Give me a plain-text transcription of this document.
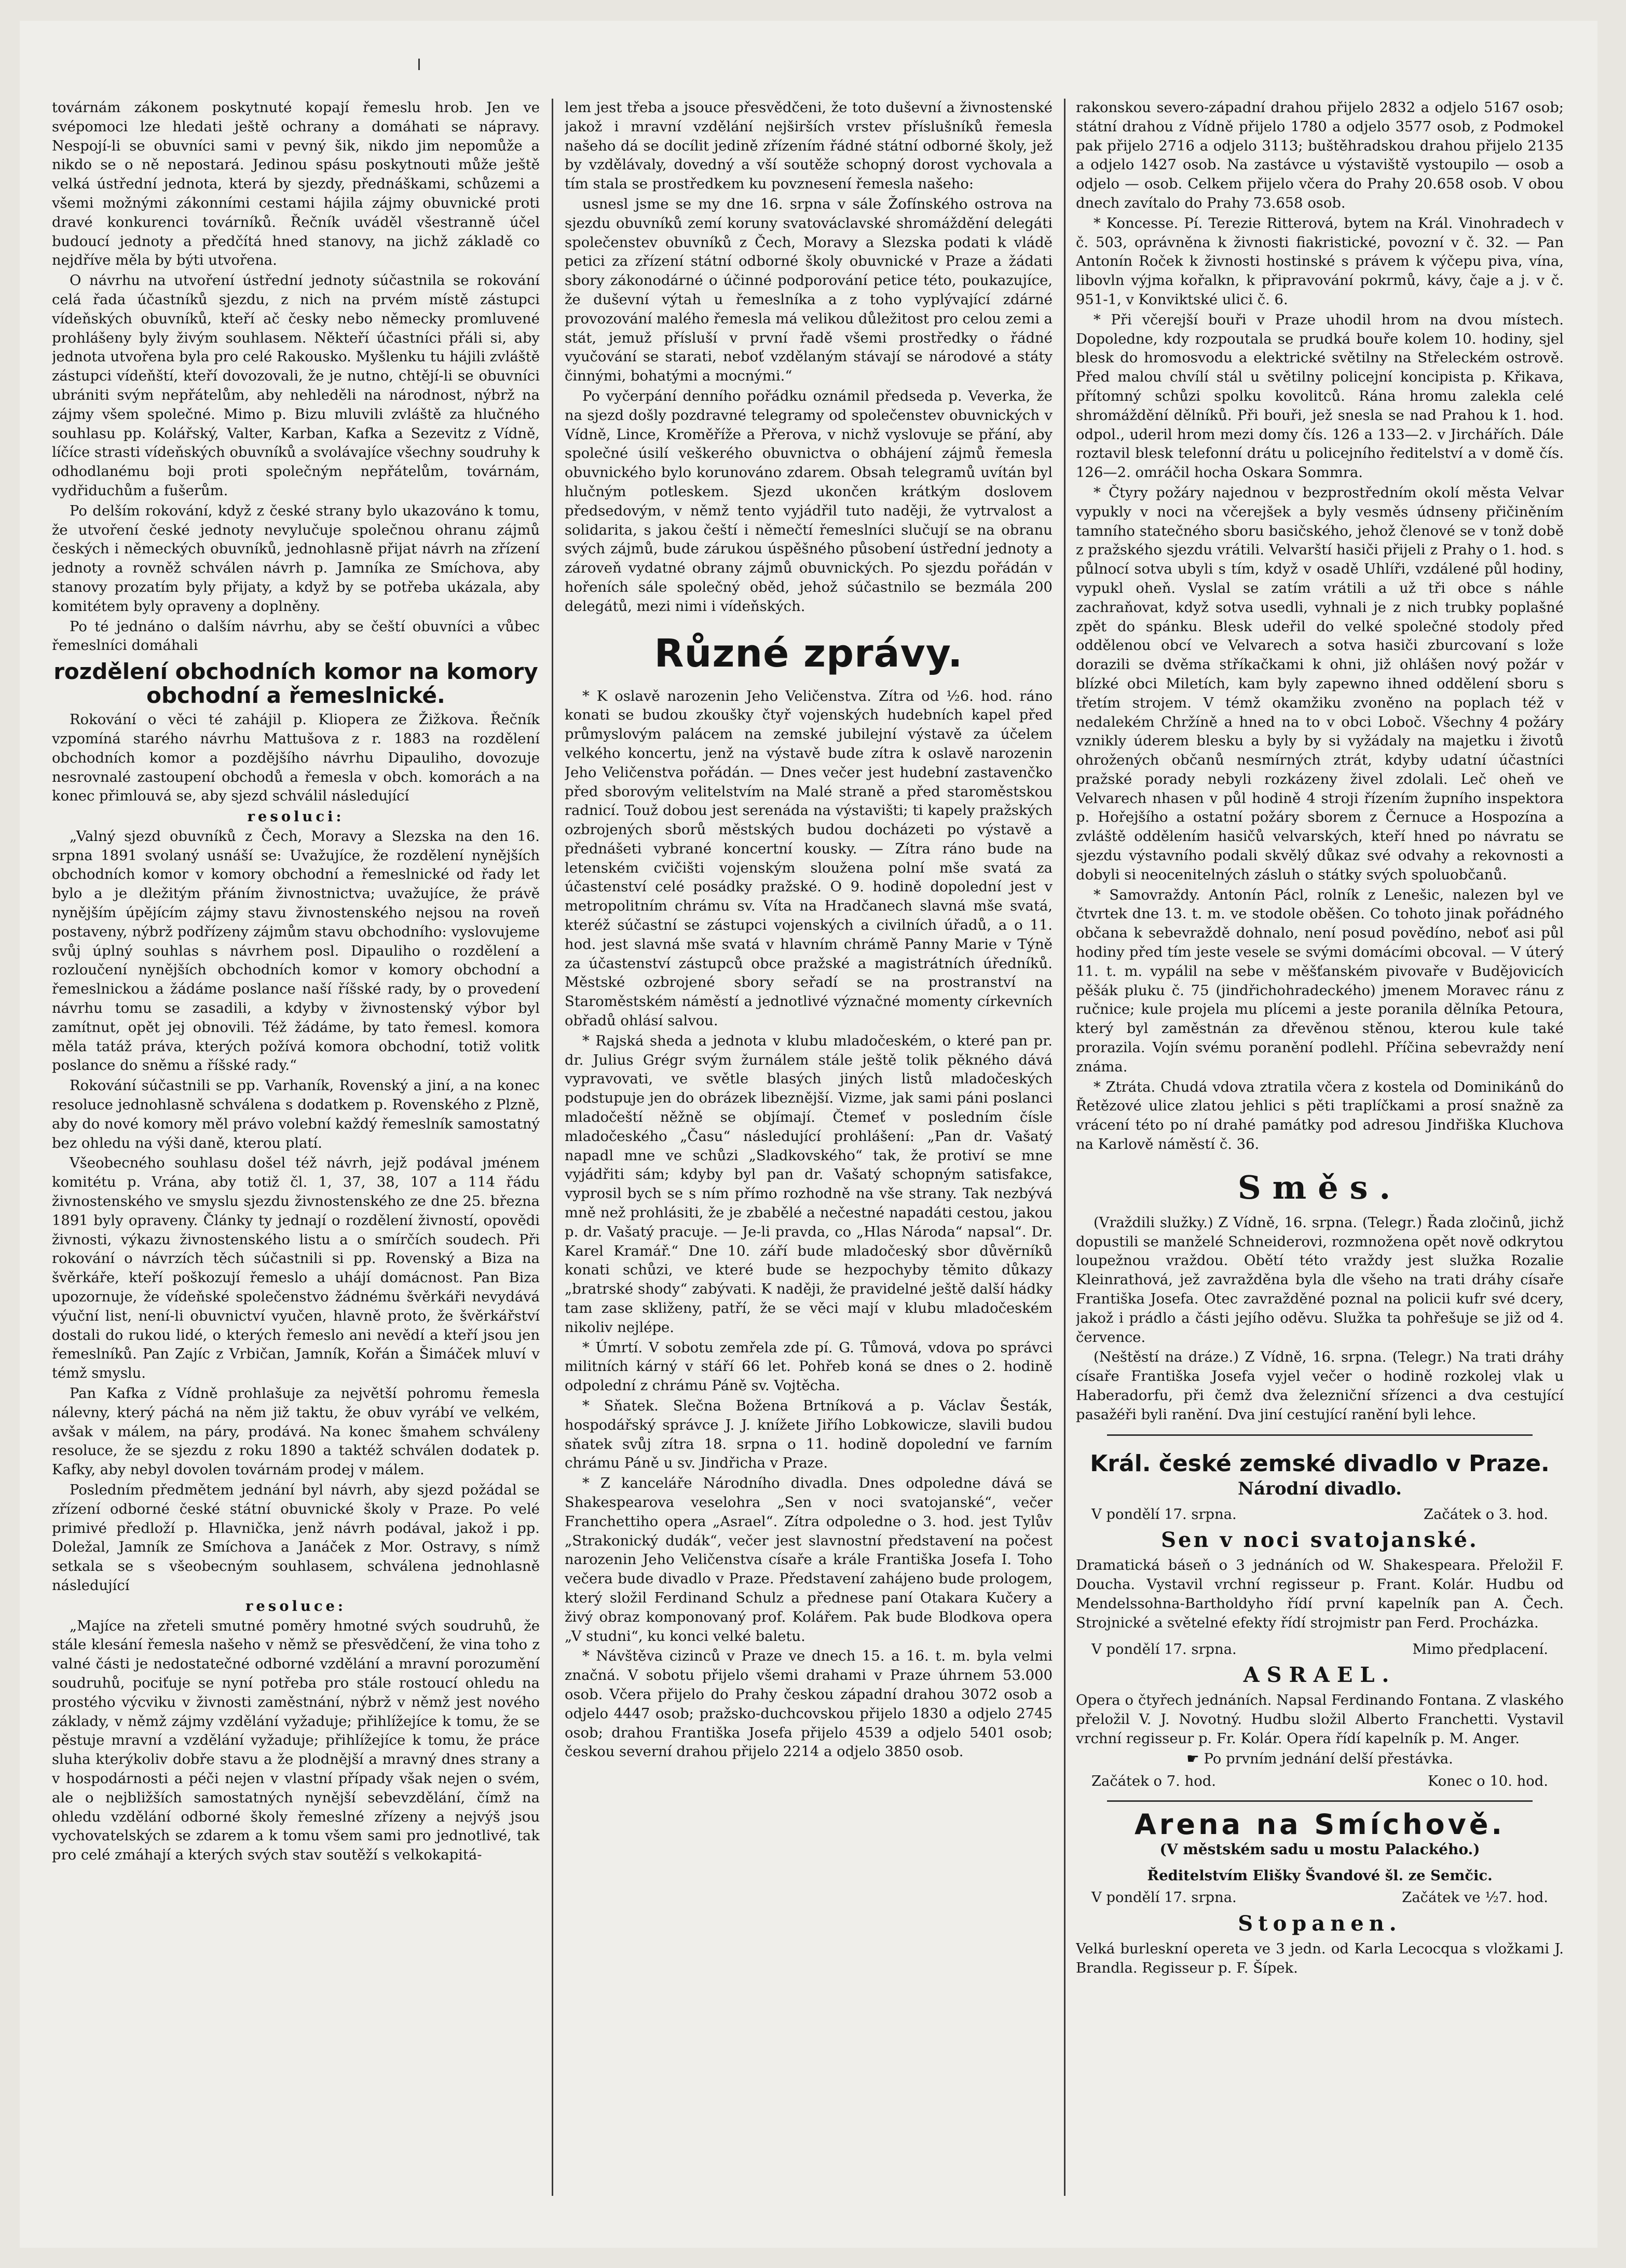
I

továrnám zákonem poskytnuté kopají řemeslu hrob. Jen ve svépomoci lze hledati ještě ochrany a domáhati se nápravy. Nespojí-li se obuvníci sami v pevný šik, nikdo jim nepomůže a nikdo se o ně nepostará. Jedinou spásu poskytnouti může ještě velká ústřední jednota, která by sjezdy, přednáškami, schůzemi a všemi možnými zákonními cestami hájila zájmy obuvnické proti dravé konkurenci továrníků. Řečník uváděl všestranně účel budoucí jednoty a předčítá hned stanovy, na jichž základě co nejdříve měla by býti utvořena.

O návrhu na utvoření ústřední jednoty súčastnila se rokování celá řada účastníků sjezdu, z nich na prvém místě zástupci vídeňských obuvníků, kteří ač česky nebo německy promluvené prohlášeny byly živým souhlasem. Někteří účastníci přáli si, aby jednota utvořena byla pro celé Rakousko. Myšlenku tu hájili zvláště zástupci vídeňští, kteří dovozovali, že je nutno, chtějí-li se obuvníci ubrániti svým nepřátelům, aby nehleděli na národnost, nýbrž na zájmy všem společné. Mimo p. Bizu mluvili zvláště za hlučného souhlasu pp. Kolářský, Valter, Karban, Kafka a Sezevitz z Vídně, líčíce strasti vídeňských obuvníků a svolávajíce všechny soudruhy k odhodlanému boji proti společným nepřátelům, továrnám, vydřiduchům a fušerům.

Po delším rokování, když z české strany bylo ukazováno k tomu, že utvoření české jednoty nevylučuje společnou ohranu zájmů českých i německých obuvníků, jednohlasně přijat návrh na zřízení jednoty a rovněž schválen návrh p. Jamníka ze Smíchova, aby stanovy prozatím byly přijaty, a když by se potřeba ukázala, aby komitétem byly opraveny a doplněny.

Po té jednáno o dalším návrhu, aby se čeští obuvníci a vůbec řemeslníci domáhali

rozdělení obchodních komor na komory obchodní a řemeslnické.

Rokování o věci té zahájil p. Kliopera ze Žižkova. Řečník vzpomíná starého návrhu Mattušova z r. 1883 na rozdělení obchodních komor a pozdějšího návrhu Dipauliho, dovozuje nesrovnalé zastoupení obchodů a řemesla v obch. komorách a na konec přimlouvá se, aby sjezd schválil následující

resoluci:

„Valný sjezd obuvníků z Čech, Moravy a Slezska na den 16. srpna 1891 svolaný usnáší se: Uvažujíce, že rozdělení nynějších obchodních komor v komory obchodní a řemeslnické od řady let bylo a je dležitým přáním živnostnictva; uvažujíce, že právě nynějším úpějícím zájmy stavu živnostenského nejsou na roveň postaveny, nýbrž podřízeny zájmům stavu obchodního: vyslovujeme svůj úplný souhlas s návrhem posl. Dipauliho o rozdělení a rozloučení nynějších obchodních komor v komory obchodní a řemeslnickou a žádáme poslance naší říšské rady, by o provedení návrhu tomu se zasadili, a kdyby v živnostenský výbor byl zamítnut, opět jej obnovili. Též žádáme, by tato řemesl. komora měla tatáž práva, kterých požívá komora obchodní, totiž volitk poslance do sněmu a říšské rady.“

Rokování súčastnili se pp. Varhaník, Rovenský a jiní, a na konec resoluce jednohlasně schválena s dodatkem p. Rovenského z Plzně, aby do nové komory měl právo volební každý řemeslník samostatný bez ohledu na výši daně, kterou platí.

Všeobecného souhlasu došel též návrh, jejž podával jménem komitétu p. Vrána, aby totiž čl. 1, 37, 38, 107 a 114 řádu živnostenského ve smyslu sjezdu živnostenského ze dne 25. března 1891 byly opraveny. Články ty jednají o rozdělení živností, opovědi živnosti, výkazu živnostenského listu a o smírčích soudech. Při rokování o návrzích těch súčastnili si pp. Rovenský a Biza na švěrkáře, kteří poškozují řemeslo a uhájí domácnost. Pan Biza upozornuje, že vídeňské společenstvo žádnému švěrkáři nevydává výuční list, není-li obuvnictví vyučen, hlavně proto, že švěrkářství dostali do rukou lidé, o kterých řemeslo ani nevědí a kteří jsou jen řemeslníků. Pan Zajíc z Vrbičan, Jamník, Kořán a Šimáček mluví v témž smyslu.

Pan Kafka z Vídně prohlašuje za největší pohromu řemesla nálevny, který páchá na něm již taktu, že obuv vyrábí ve velkém, avšak v málem, na páry, prodává. Na konec šmahem schváleny resoluce, že se sjezdu z roku 1890 a taktéž schválen dodatek p. Kafky, aby nebyl dovolen továrnám prodej v málem.

Posledním předmětem jednání byl návrh, aby sjezd požádal se zřízení odborné české státní obuvnické školy v Praze. Po velé primivé předloží p. Hlavnička, jenž návrh podával, jakož i pp. Doležal, Jamník ze Smíchova a Janáček z Mor. Ostravy, s nímž setkala se s všeobecným souhlasem, schválena jednohlasně následující

resoluce:

„Majíce na zřeteli smutné poměry hmotné svých soudruhů, že stále klesání řemesla našeho v němž se přesvědčení, že vina toho z valné části je nedostatečné odborné vzdělání a mravní porozumění soudruhů, pociťuje se nyní potřeba pro stále rostoucí ohledu na prostého výcviku v živnosti zaměstnání, nýbrž v němž jest nového základy, v němž zájmy vzdělání vyžaduje; přihlížejíce k tomu, že se pěstuje mravní a vzdělání vyžaduje; přihlížejíce k tomu, že práce sluha kterýkoliv dobře stavu a že plodnější a mravný dnes strany a v hospodárnosti a péči nejen v vlastní případy však nejen o svém, ale o nejbližších samostatných nynější sebevzdělání, čímž na ohledu vzdělání odborné školy řemeslné zřízeny a nejvýš jsou vychovatelských se zdarem a k tomu všem sami pro jednotlivé, tak pro celé zmáhají a kterých svých stav soutěží s velkokapitá-

lem jest třeba a jsouce přesvědčeni, že toto duševní a živnostenské jakož i mravní vzdělání nejširších vrstev příslušníků řemesla našeho dá se docílit jedině zřízením řádné státní odborné školy, jež by vzdělávaly, dovedný a vší soutěže schopný dorost vychovala a tím stala se prostředkem ku povznesení řemesla našeho:

usnesl jsme se my dne 16. srpna v sále Žofínského ostrova na sjezdu obuvníků zemí koruny svatováclavské shromáždění delegáti společenstev obuvníků z Čech, Moravy a Slezska podati k vládě petici za zřízení státní odborné školy obuvnické v Praze a žádati sbory zákonodárné o účinné podporování petice této, poukazujíce, že duševní výtah u řemeslníka a z toho vyplývající zdárné provozování malého řemesla má velikou důležitost pro celou zemi a stát, jemuž přísluší v první řadě všemi prostředky o řádné vyučování se starati, neboť vzdělaným stávají se národové a státy činnými, bohatými a mocnými.“

Po vyčerpání denního pořádku oznámil předseda p. Veverka, že na sjezd došly pozdravné telegramy od společenstev obuvnických v Vídně, Lince, Kroměříže a Přerova, v nichž vyslovuje se přání, aby společné úsilí veškerého obuvnictva o obhájení zájmů řemesla obuvnického bylo korunováno zdarem. Obsah telegramů uvítán byl hlučným potleskem. Sjezd ukončen krátkým doslovem předsedovým, v němž tento vyjádřil tuto naději, že vytrvalost a solidarita, s jakou čeští i němečtí řemeslníci slučují se na obranu svých zájmů, bude zárukou úspěšného působení ústřední jednoty a zároveň vydatné obrany zájmů obuvnických. Po sjezdu pořádán v hořeních sále společný oběd, jehož súčastnilo se bezmála 200 delegátů, mezi nimi i vídeňských.

Různé zprávy.

* K oslavě narozenin Jeho Veličenstva. Zítra od ½6. hod. ráno konati se budou zkoušky čtyř vojenských hudebních kapel před průmyslovým palácem na zemské jubilejní výstavě za účelem velkého koncertu, jenž na výstavě bude zítra k oslavě narozenin Jeho Veličenstva pořádán. — Dnes večer jest hudební zastavenčko před sborovým velitelstvím na Malé straně a před staroměstskou radnicí. Touž dobou jest serenáda na výstavišti; ti kapely pražských ozbrojených sborů městských budou docházeti po výstavě a přednášeti vybrané koncertní kousky. — Zítra ráno bude na letenském cvičišti vojenským sloužena polní mše svatá za účastenství celé posádky pražské. O 9. hodině dopolední jest v metropolitním chrámu sv. Víta na Hradčanech slavná mše svatá, kteréž súčastní se zástupci vojenských a civilních úřadů, a o 11. hod. jest slavná mše svatá v hlavním chrámě Panny Marie v Týně za účastenství zástupců obce pražské a magistrátních úředníků. Městské ozbrojené sbory seřadí se na prostranství na Staroměstském náměstí a jednotlivé význačné momenty církevních obřadů ohlásí salvou.

* Rajská sheda a jednota v klubu mladočeském, o které pan pr. dr. Julius Grégr svým žurnálem stále ještě tolik pěkného dává vypravovati, ve světle blasých jiných listů mladočeských podstupuje jen do obrázek libeznější. Vizme, jak sami páni poslanci mladočeští něžně se objímají. Čtemeť v posledním čísle mladočeského „Času“ následující prohlášení: „Pan dr. Vašatý napadl mne ve schůzi „Sladkovského“ tak, že protiví se mne vyjádřiti sám; kdyby byl pan dr. Vašatý schopným satisfakce, vyprosil bych se s ním přímo rozhodně na vše strany. Tak nezbývá mně než prohlásiti, že je zbabělé a nečestné napadáti cestou, jakou p. dr. Vašatý pracuje. — Je-li pravda, co „Hlas Národa“ napsal“. Dr. Karel Kramář.“ Dne 10. září bude mladočeský sbor důvěrníků konati schůzi, ve které bude se hezpochyby těmito důkazy „bratrské shody“ zabývati. K naději, že pravidelné ještě další hádky tam zase skliženy, patří, že se věci mají v klubu mladočeském nikoliv nejlépe.

* Úmrtí. V sobotu zemřela zde pí. G. Tůmová, vdova po správci militních kárný v stáří 66 let. Pohřeb koná se dnes o 2. hodině odpolední z chrámu Páně sv. Vojtěcha.

* Sňatek. Slečna Božena Brtníková a p. Václav Šesták, hospodářský správce J. J. knížete Jiřího Lobkowicze, slavili budou sňatek svůj zítra 18. srpna o 11. hodině dopolední ve farním chrámu Páně u sv. Jindřicha v Praze.

* Z kanceláře Národního divadla. Dnes odpoledne dává se Shakespearova veselohra „Sen v noci svatojanské“, večer Franchettiho opera „Asrael“. Zítra odpoledne o 3. hod. jest Tylův „Strakonický dudák“, večer jest slavnostní představení na počest narozenin Jeho Veličenstva císaře a krále Františka Josefa I. Toho večera bude divadlo v Praze. Představení zahájeno bude prologem, který složil Ferdinand Schulz a přednese paní Otakara Kučery a živý obraz komponovaný prof. Kolářem. Pak bude Blodkova opera „V studni“, ku konci velké baletu.

* Návštěva cizinců v Praze ve dnech 15. a 16. t. m. byla velmi značná. V sobotu přijelo všemi drahami v Praze úhrnem 53.000 osob. Včera přijelo do Prahy českou západní drahou 3072 osob a odjelo 4447 osob; pražsko-duchcovskou přijelo 1830 a odjelo 2745 osob; drahou Františka Josefa přijelo 4539 a odjelo 5401 osob; českou severní drahou přijelo 2214 a odjelo 3850 osob.

rakonskou severo-západní drahou přijelo 2832 a odjelo 5167 osob; státní drahou z Vídně přijelo 1780 a odjelo 3577 osob, z Podmokel pak přijelo 2716 a odjelo 3113; buštěhradskou drahou přijelo 2135 a odjelo 1427 osob. Na zastávce u výstaviště vystoupilo — osob a odjelo — osob. Celkem přijelo včera do Prahy 20.658 osob. V obou dnech zavítalo do Prahy 73.658 osob.

* Koncesse. Pí. Terezie Ritterová, bytem na Král. Vinohradech v č. 503, oprávněna k živnosti fiakristické, povozní v č. 32. — Pan Antonín Roček k živnosti hostinské s právem k výčepu piva, vína, libovln výjma kořalkn, k připravování pokrmů, kávy, čaje a j. v č. 951-1, v Konviktské ulici č. 6.

* Při včerejší bouři v Praze uhodil hrom na dvou místech. Dopoledne, kdy rozpoutala se prudká bouře kolem 10. hodiny, sjel blesk do hromosvodu a elektrické světilny na Střeleckém ostrově. Před malou chvílí stál u světilny policejní koncipista p. Křikava, přítomný schůzi spolku kovolitců. Rána hromu zalekla celé shromáždění dělníků. Při bouři, jež snesla se nad Prahou k 1. hod. odpol., uderil hrom mezi domy čís. 126 a 133—2. v Jirchářích. Dále roztavil blesk telefonní drátu u policejního ředitelství a v domě čís. 126—2. omráčil hocha Oskara Sommra.

* Čtyry požáry najednou v bezprostředním okolí města Velvar vypukly v noci na včerejšek a byly vesměs údnseny přičiněním tamního statečného sboru basičského, jehož členové se v tonž době z pražského sjezdu vrátili. Velvarští hasiči přijeli z Prahy o 1. hod. s půlnocí sotva ubyli s tím, když v osadě Uhlíři, vzdálené půl hodiny, vypukl oheň. Vyslal se zatím vrátili a už tři obce s náhle zachraňovat, když sotva usedli, vyhnali je z nich trubky poplašné zpět do spánku. Blesk udeřil do velké společné stodoly před oddělenou obcí ve Velvarech a sotva hasiči zburcovaní s lože dorazili se dvěma stříkačkami k ohni, již ohlášen nový požár v blízké obci Miletích, kam byly zapewno ihned oddělení sboru s třetím strojem. V témž okamžiku zvoněno na poplach též v nedalekém Chržíně a hned na to v obci Loboč. Všechny 4 požáry vznikly úderem blesku a byly by si vyžádaly na majetku i životů ohrožených občanů nesmírných ztrát, kdyby udatní účastníci pražské porady nebyli rozkázeny živel zdolali. Leč oheň ve Velvarech nhasen v půl hodině 4 stroji řízením župního inspektora p. Hořejšího a ostatní požáry sborem z Černuce a Hospozína a zvláště oddělením hasičů velvarských, kteří hned po návratu se sjezdu výstavního podali skvělý důkaz své odvahy a rekovnosti a dobyli si neocenitelných zásluh o státky svých spoluobčanů.

* Samovraždy. Antonín Pácl, rolník z Lenešic, nalezen byl ve čtvrtek dne 13. t. m. ve stodole oběšen. Co tohoto jinak pořádného občana k sebevraždě dohnalo, není posud povědíno, neboť asi půl hodiny před tím jeste vesele se svými domácími obcoval. — V úterý 11. t. m. vypálil na sebe v měšťanském pivovaře v Budějovicích pěšák pluku č. 75 (jindřichohradeckého) jmenem Moravec ránu z ručnice; kule projela mu plícemi a jeste poranila dělníka Petoura, který byl zaměstnán za dřevěnou stěnou, kterou kule také prorazila. Vojín svému poranění podlehl. Příčina sebevraždy není známa.

* Ztráta. Chudá vdova ztratila včera z kostela od Dominikánů do Řetězové ulice zlatou jehlici s pěti traplíčkami a prosí snažně za vrácení této po ní drahé památky pod adresou Jindřiška Kluchova na Karlově náměstí č. 36.

Směs.

(Vraždili služky.) Z Vídně, 16. srpna. (Telegr.) Řada zločinů, jichž dopustili se manželé Schneiderovi, rozmnožena opět nově odkrytou loupežnou vraždou. Obětí této vraždy jest služka Rozalie Kleinrathová, jež zavražděna byla dle všeho na trati dráhy císaře Františka Josefa. Otec zavražděné poznal na policii kufr své dcery, jakož i prádlo a části jejího oděvu. Služka ta pohřešuje se již od 4. července.

(Neštěstí na dráze.) Z Vídně, 16. srpna. (Telegr.) Na trati dráhy císaře Františka Josefa vyjel večer o hodině rozkolej vlak u Haberadorfu, při čemž dva železniční sřízenci a dva cestující pasažéři byli ranění. Dva jiní cestující ranění byli lehce.

Král. české zemské divadlo v Praze.
Národní divadlo.
V pondělí 17. srpna.	Začátek o 3. hod.
Sen v noci svatojanské.

Dramatická báseň o 3 jednáních od W. Shakespeara. Přeložil F. Doucha. Vystavil vrchní regisseur p. Frant. Kolár. Hudbu od Mendelssohna-Bartholdyho řídí první kapelník pan A. Čech. Strojnické a světelné efekty řídí strojmistr pan Ferd. Procházka.

V pondělí 17. srpna.	Mimo předplacení.
ASRAEL.

Opera o čtyřech jednáních. Napsal Ferdinando Fontana. Z vlaského přeložil V. J. Novotný. Hudbu složil Alberto Franchetti. Vystavil vrchní regisseur p. Fr. Kolár. Opera řídí kapelník p. M. Anger.

☛ Po prvním jednání delší přestávka.

Začátek o 7. hod.	Konec o 10. hod.
Arena na Smíchově.
(V městském sadu u mostu Palackého.)

Ředitelstvím Elišky Švandové šl. ze Semčic.

V pondělí 17. srpna.	Začátek ve ½7. hod.
Stopanen.

Velká burleskní opereta ve 3 jedn. od Karla Lecocqua s vložkami J. Brandla. Regisseur p. F. Šípek.
